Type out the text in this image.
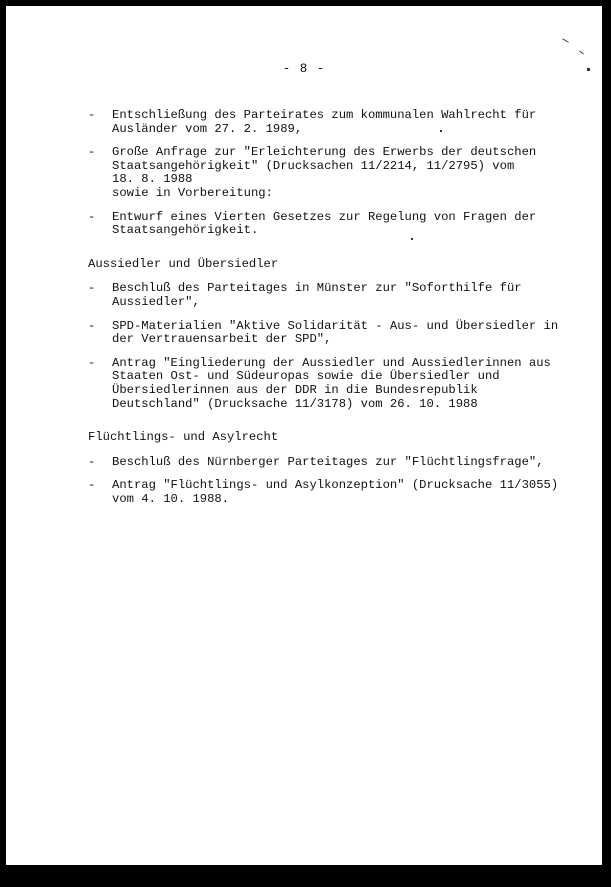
- 8 -
- Entschließung des Parteirates zum kommunalen Wahlrecht für
Ausländer vom 27. 2. 1989,
- Große Anfrage zur "Erleichterung des Erwerbs der deutschen
Staatsangehörigkeit" (Drucksachen 11/2214, 11/2795) vom
18. 8. 1988
sowie in Vorbereitung:
- Entwurf eines Vierten Gesetzes zur Regelung von Fragen der
Staatsangehörigkeit.
Aussiedler und Übersiedler
- Beschluß des Parteitages in Münster zur "Soforthilfe für
Aussiedler",
- SPD-Materialien "Aktive Solidarität - Aus- und Übersiedler in
der Vertrauensarbeit der SPD",
- Antrag "Eingliederung der Aussiedler und Aussiedlerinnen aus
Staaten Ost- und Südeuropas sowie die Übersiedler und
Übersiedlerinnen aus der DDR in die Bundesrepublik
Deutschland" (Drucksache 11/3178) vom 26. 10. 1988
Flüchtlings- und Asylrecht
- Beschluß des Nürnberger Parteitages zur "Flüchtlingsfrage",
- Antrag "Flüchtlings- und Asylkonzeption" (Drucksache 11/3055)
vom 4. 10. 1988.
